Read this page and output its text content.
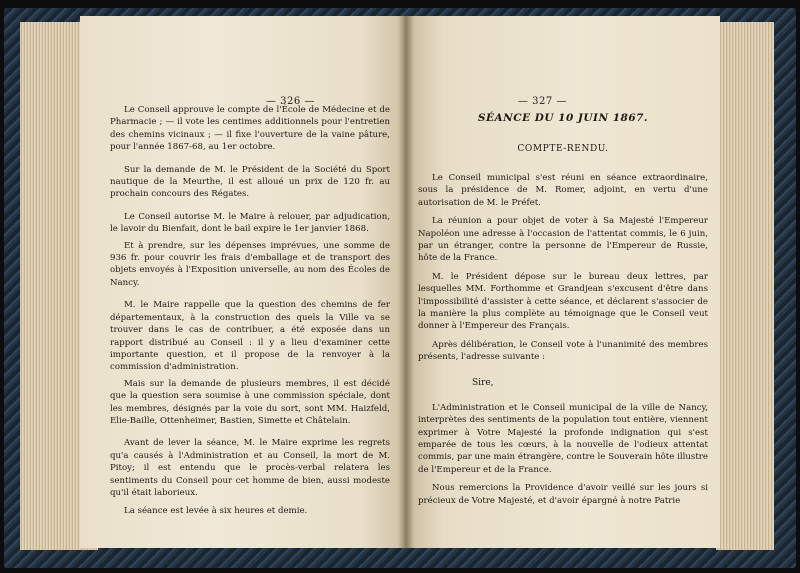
— 326 —

Le Conseil approuve le compte de l'École de Médecine et de Pharmacie ; — il vote les centimes additionnels pour l'entretien des chemins vicinaux ; — il fixe l'ouverture de la vaine pâture, pour l'année 1867-68, au 1er octobre.

Sur la demande de M. le Président de la Société du Sport nautique de la Meurthe, il est alloué un prix de 120 fr. au prochain concours des Régates.

Le Conseil autorise M. le Maire à relouer, par adjudication, le lavoir du Bienfait, dont le bail expire le 1er janvier 1868.

Et à prendre, sur les dépenses imprévues, une somme de 936 fr. pour couvrir les frais d'emballage et de transport des objets envoyés à l'Exposition universelle, au nom des Écoles de Nancy.

M. le Maire rappelle que la question des chemins de fer départementaux, à la construction des quels la Ville va se trouver dans le cas de contribuer, a été exposée dans un rapport distribué au Conseil : il y a lieu d'examiner cette importante question, et il propose de la renvoyer à la commission d'administration.

Mais sur la demande de plusieurs membres, il est décidé que la question sera soumise à une commission spéciale, dont les membres, désignés par la voie du sort, sont MM. Haizfeld, Elie-Baille, Ottenheimer, Bastien, Simette et Châtelain.

Avant de lever la séance, M. le Maire exprime les regrets qu'a causés à l'Administration et au Conseil, la mort de M. Pitoy; il est entendu que le procès-verbal relatera les sentiments du Conseil pour cet homme de bien, aussi modeste qu'il était laborieux.

La séance est levée à six heures et demie.

— 327 —
SÉANCE DU 10 JUIN 1867.
COMPTE-RENDU.

Le Conseil municipal s'est réuni en séance extraordinaire, sous la présidence de M. Romer, adjoint, en vertu d'une autorisation de M. le Préfet.

La réunion a pour objet de voter à Sa Majesté l'Empereur Napoléon une adresse à l'occasion de l'attentat commis, le 6 juin, par un étranger, contre la personne de l'Empereur de Russie, hôte de la France.

M. le Président dépose sur le bureau deux lettres, par lesquelles MM. Forthomme et Grandjean s'excusent d'être dans l'impossibilité d'assister à cette séance, et déclarent s'associer de la manière la plus complète au témoignage que le Conseil veut donner à l'Empereur des Français.

Après délibération, le Conseil vote à l'unanimité des membres présents, l'adresse suivante :

Sire,

L'Administration et le Conseil municipal de la ville de Nancy, interprètes des sentiments de la population tout entière, viennent exprimer à Votre Majesté la profonde indignation qui s'est emparée de tous les cœurs, à la nouvelle de l'odieux attentat commis, par une main étrangère, contre le Souverain hôte illustre de l'Empereur et de la France.

Nous remercions la Providence d'avoir veillé sur les jours si précieux de Votre Majesté, et d'avoir épargné à notre Patrie
